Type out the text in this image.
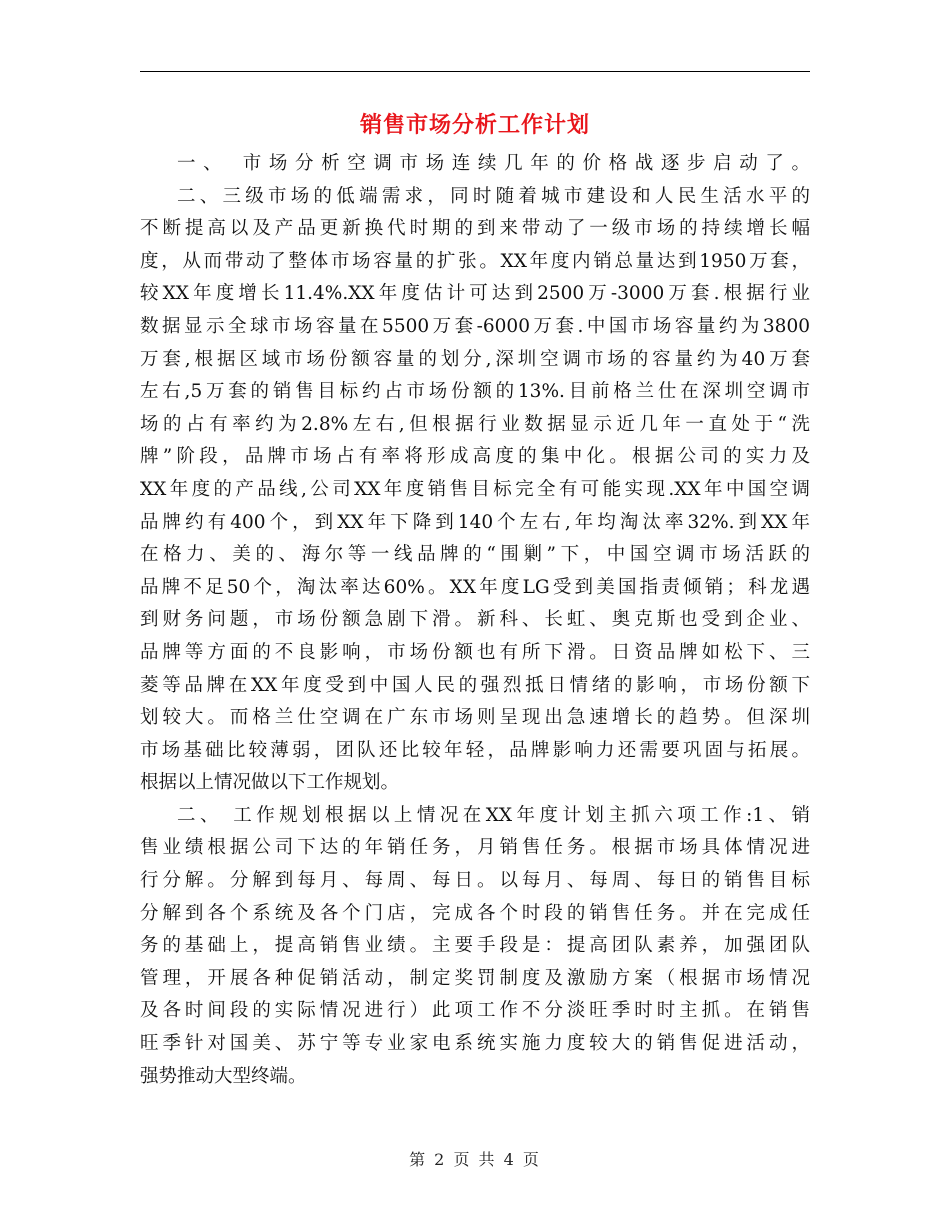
销售市场分析工作计划
一、 市场分析空调市场连续几年的价格战逐步启动了。
二、三级市场的低端需求，同时随着城市建设和人民生活水平的
不断提高以及产品更新换代时期的到来带动了一级市场的持续增长幅
度，从而带动了整体市场容量的扩张。XX年度内销总量达到1950万套，
较XX年度增长11.4%.XX年度估计可达到2500万-3000万套.根据行业
数据显示全球市场容量在5500万套-6000万套.中国市场容量约为3800
万套,根据区域市场份额容量的划分,深圳空调市场的容量约为40万套
左右,5万套的销售目标约占市场份额的13%.目前格兰仕在深圳空调市
场的占有率约为2.8%左右,但根据行业数据显示近几年一直处于“洗
牌”阶段，品牌市场占有率将形成高度的集中化。根据公司的实力及
XX年度的产品线,公司XX年度销售目标完全有可能实现.XX年中国空调
品牌约有400个，到XX年下降到140个左右,年均淘汰率32%.到XX年
在格力、美的、海尔等一线品牌的“围剿”下，中国空调市场活跃的
品牌不足50个，淘汰率达60%。XX年度LG受到美国指责倾销；科龙遇
到财务问题，市场份额急剧下滑。新科、长虹、奥克斯也受到企业、
品牌等方面的不良影响，市场份额也有所下滑。日资品牌如松下、三
菱等品牌在XX年度受到中国人民的强烈抵日情绪的影响，市场份额下
划较大。而格兰仕空调在广东市场则呈现出急速增长的趋势。但深圳
市场基础比较薄弱，团队还比较年轻，品牌影响力还需要巩固与拓展。
根据以上情况做以下工作规划。
二、 工作规划根据以上情况在XX年度计划主抓六项工作:1、销
售业绩根据公司下达的年销任务，月销售任务。根据市场具体情况进
行分解。分解到每月、每周、每日。以每月、每周、每日的销售目标
分解到各个系统及各个门店，完成各个时段的销售任务。并在完成任
务的基础上，提高销售业绩。主要手段是：提高团队素养，加强团队
管理，开展各种促销活动，制定奖罚制度及激励方案（根据市场情况
及各时间段的实际情况进行）此项工作不分淡旺季时时主抓。在销售
旺季针对国美、苏宁等专业家电系统实施力度较大的销售促进活动，
强势推动大型终端。
第 2 页 共 4 页
